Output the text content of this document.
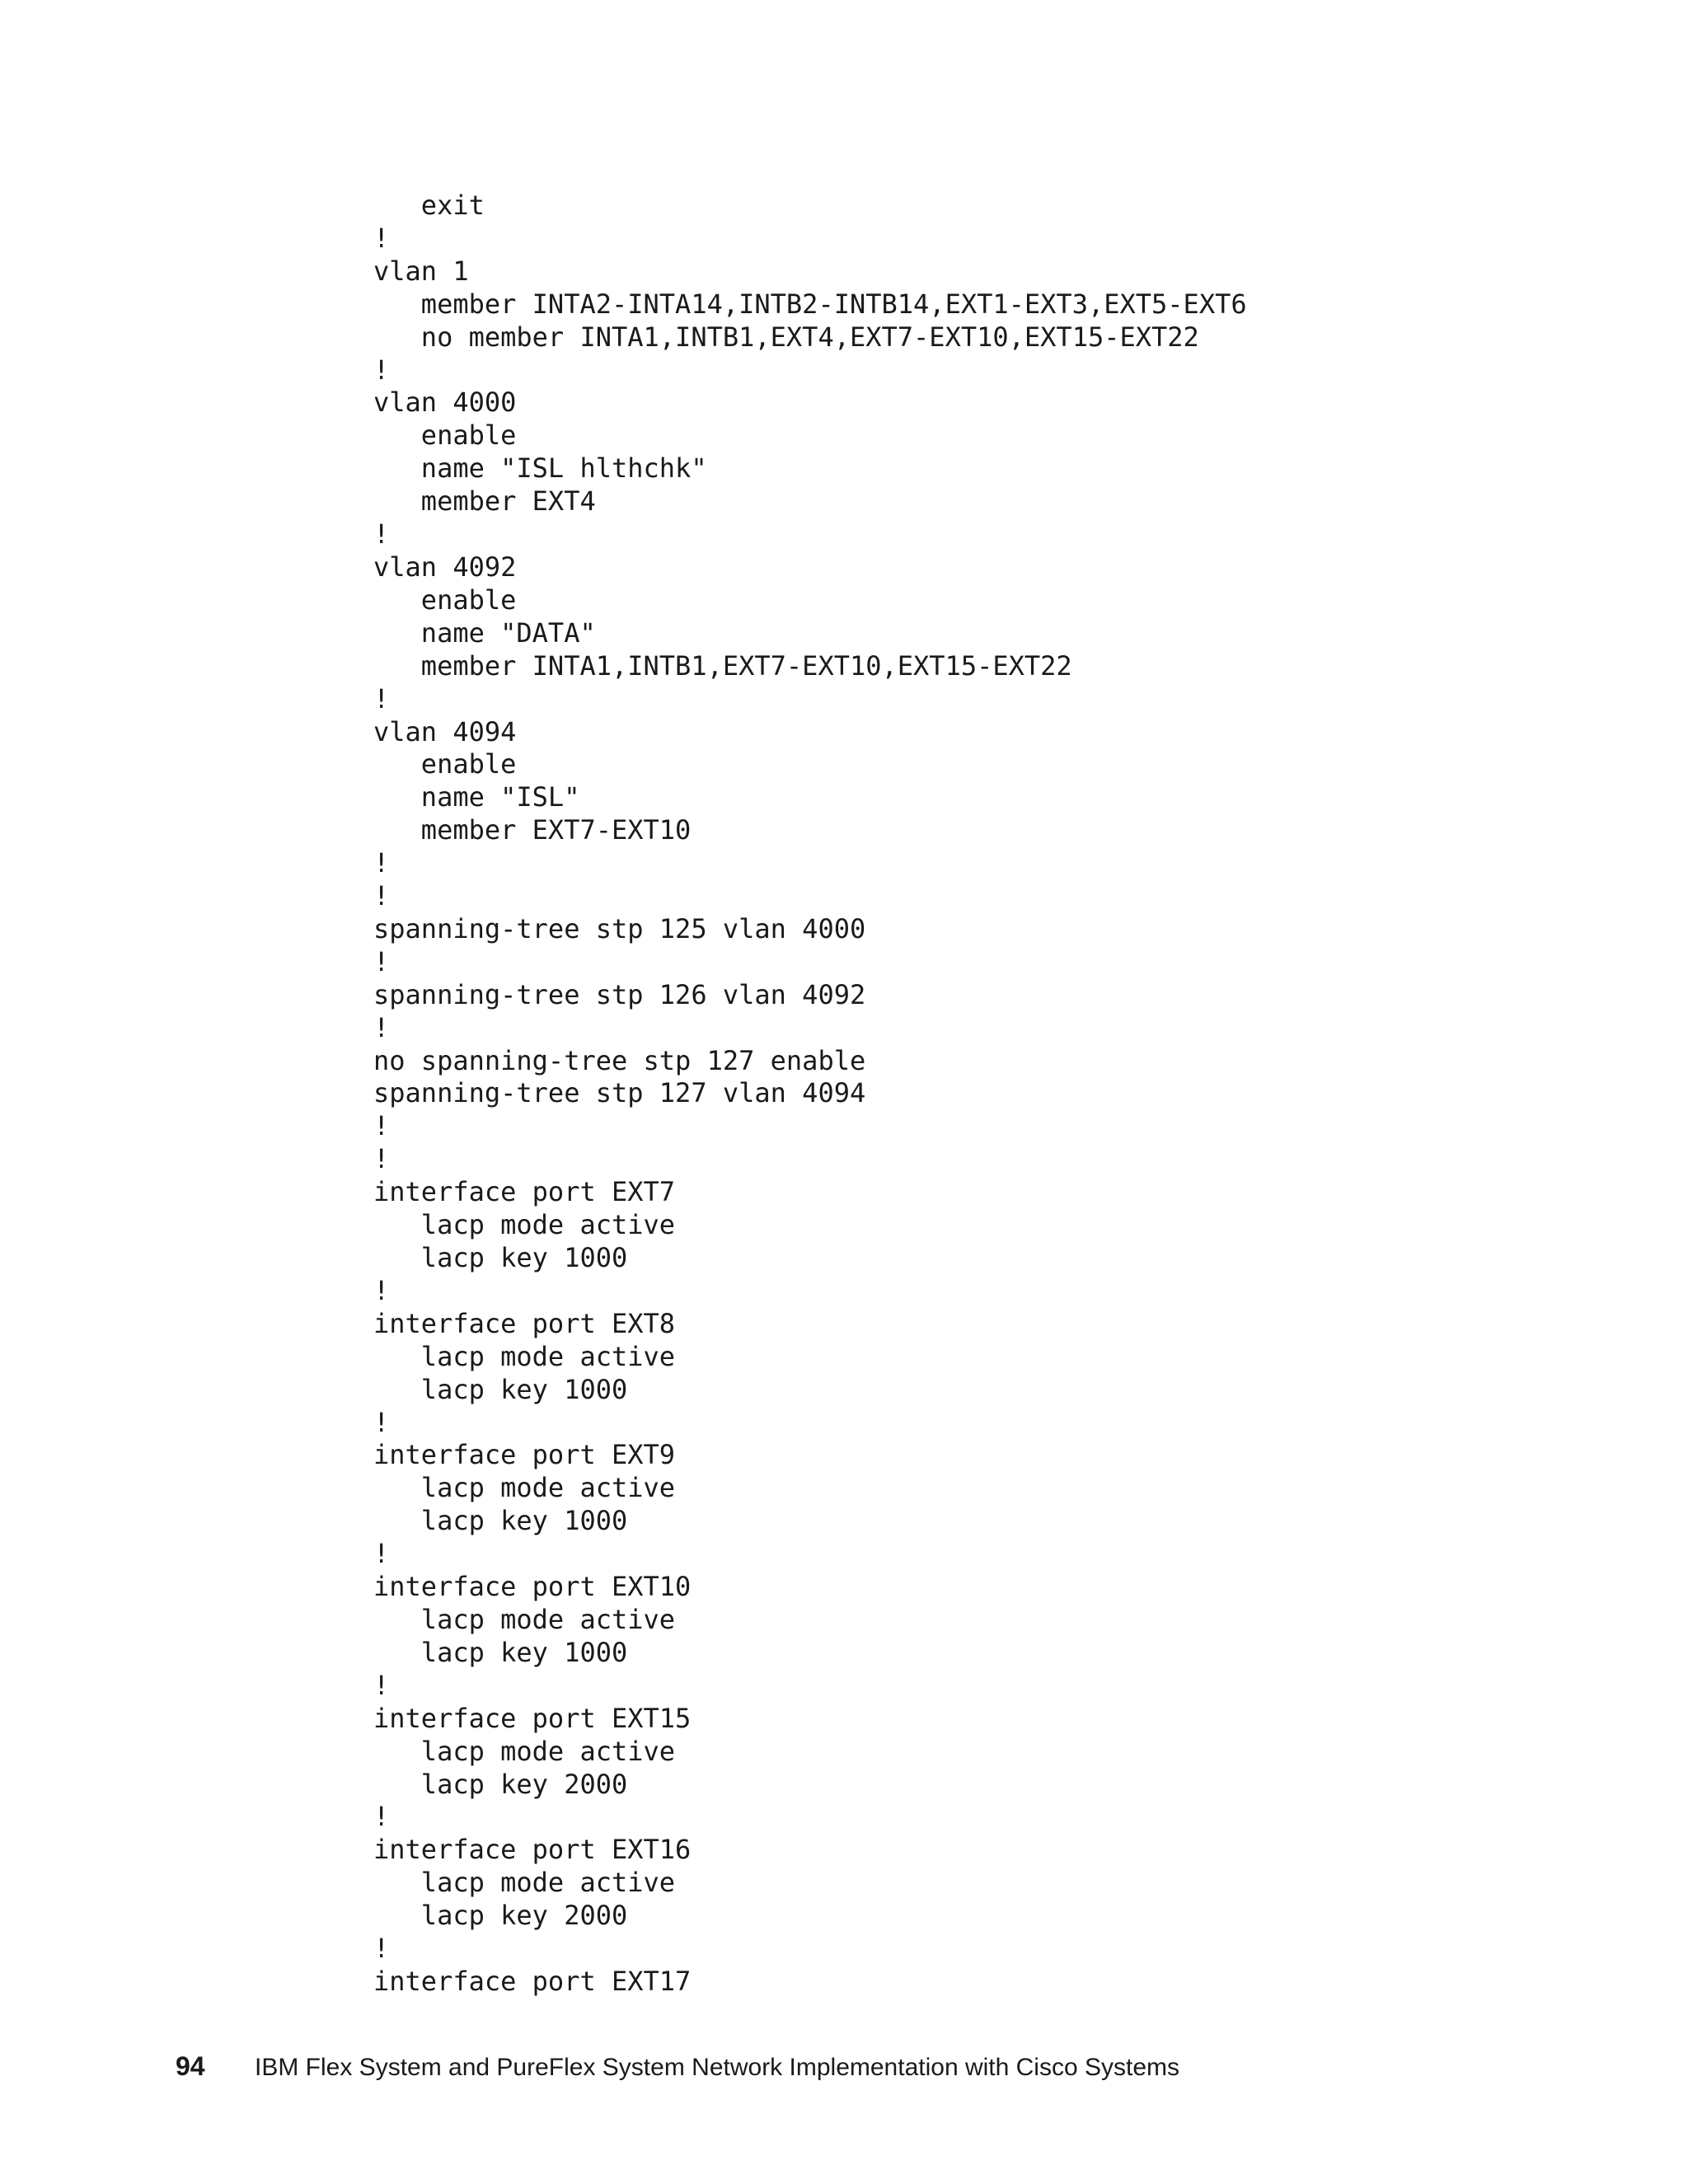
exit
!
vlan 1
member INTA2-INTA14,INTB2-INTB14,EXT1-EXT3,EXT5-EXT6
no member INTA1,INTB1,EXT4,EXT7-EXT10,EXT15-EXT22
!
vlan 4000
enable
name "ISL hlthchk"
member EXT4
!
vlan 4092
enable
name "DATA"
member INTA1,INTB1,EXT7-EXT10,EXT15-EXT22
!
vlan 4094
enable
name "ISL"
member EXT7-EXT10
!
!
spanning-tree stp 125 vlan 4000
!
spanning-tree stp 126 vlan 4092
!
no spanning-tree stp 127 enable
spanning-tree stp 127 vlan 4094
!
!
interface port EXT7
lacp mode active
lacp key 1000
!
interface port EXT8
lacp mode active
lacp key 1000
!
interface port EXT9
lacp mode active
lacp key 1000
!
interface port EXT10
lacp mode active
lacp key 1000
!
interface port EXT15
lacp mode active
lacp key 2000
!
interface port EXT16
lacp mode active
lacp key 2000
!
interface port EXT17
94 IBM Flex System and PureFlex System Network Implementation with Cisco Systems
